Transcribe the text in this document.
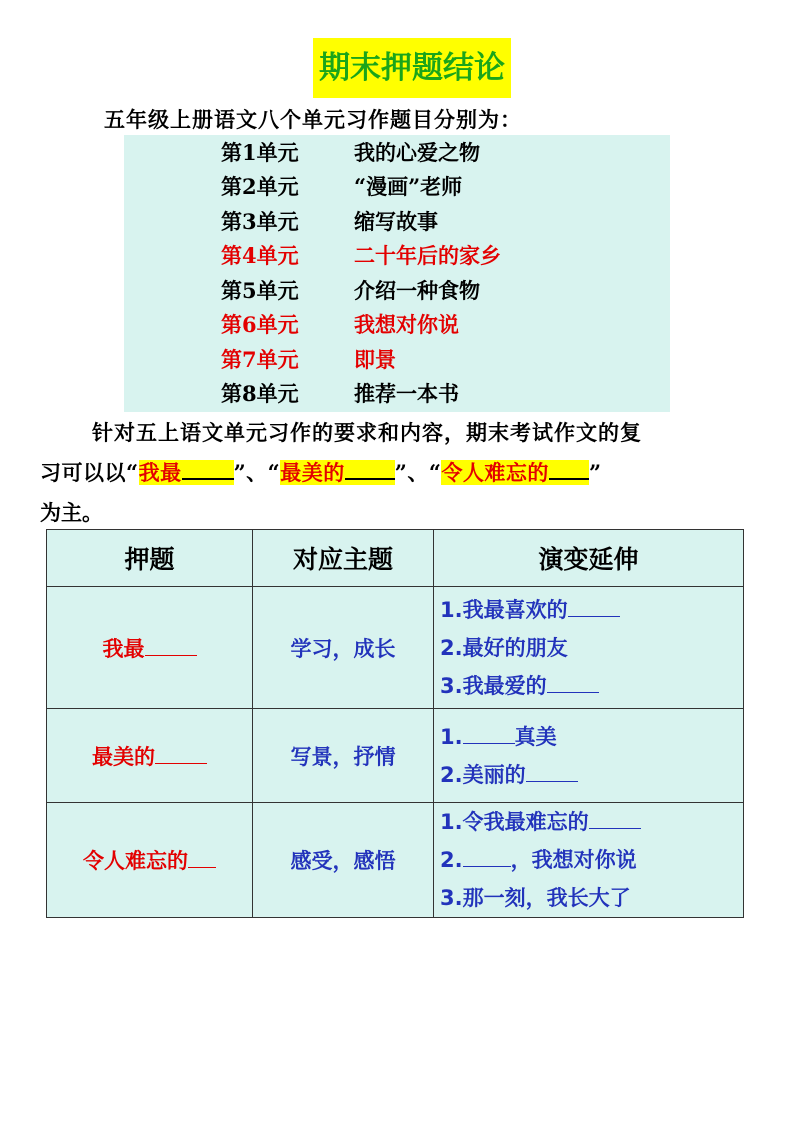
期末押题结论
五年级上册语文八个单元习作题目分别为：
第1单元	我的心爱之物
第2单元	“漫画”老师
第3单元	缩写故事
第4单元	二十年后的家乡
第5单元	介绍一种食物
第6单元	我想对你说
第7单元	即景
第8单元	推荐一本书
针对五上语文单元习作的要求和内容，期末考试作文的复
习可以以“我最 ”、“最美的 ”、“令人难忘的 ”
为主。
押题	对应主题	演变延伸
我最	学习，成长	1.我最喜欢的
2.最好的朋友
3.我最爱的

最美的	写景，抒情	1. 真美
2.美丽的

令人难忘的	感受，感悟	1.令我最难忘的
2. ，我想对你说
3.那一刻，我长大了
